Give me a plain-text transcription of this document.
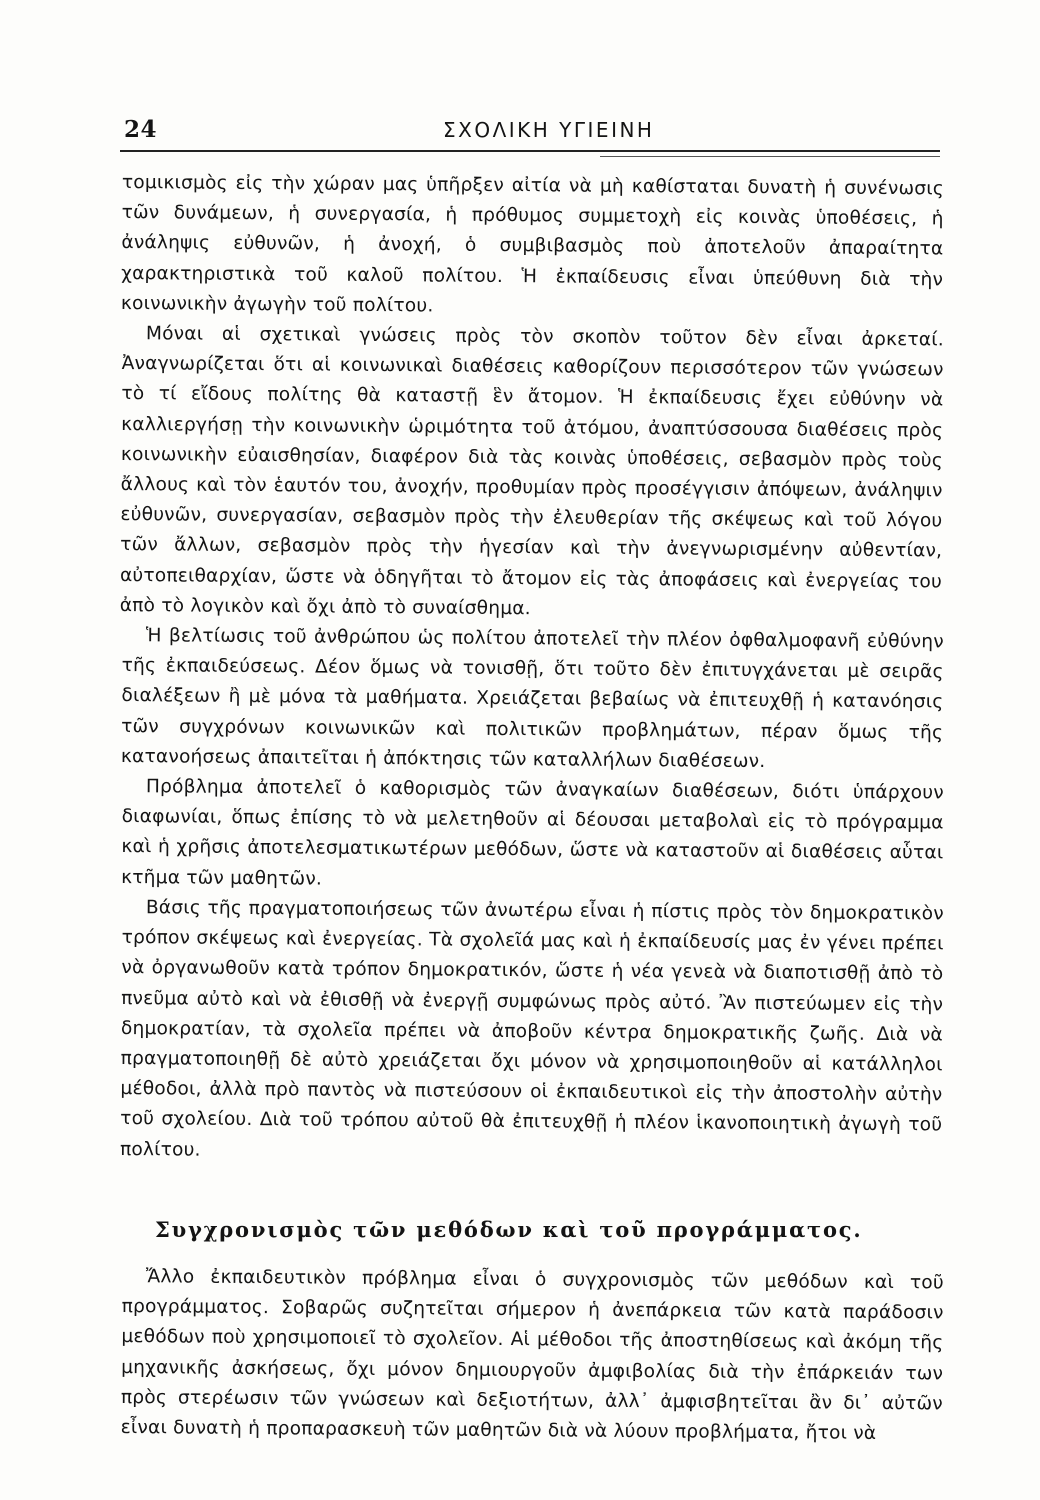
24	ΣΧΟΛΙΚΗ ΥΓΙΕΙΝΗ

τομικισμὸς εἰς τὴν χώραν μας ὑπῆρξεν αἰτία νὰ μὴ καθίσταται δυνατὴ ἡ συνένωσις τῶν δυνάμεων, ἡ συνεργασία, ἡ πρόθυμος συμμετοχὴ εἰς κοινὰς ὑποθέσεις, ἡ ἀνάληψις εὐθυνῶν, ἡ ἀνοχή, ὁ συμβιβασμὸς ποὺ ἀποτελοῦν ἀπαραίτητα χαρακτηριστικὰ τοῦ καλοῦ πολίτου. Ἡ ἐκπαίδευσις εἶναι ὑπεύθυνη διὰ τὴν κοινωνικὴν ἀγωγὴν τοῦ πολίτου.

Μόναι αἱ σχετικαὶ γνώσεις πρὸς τὸν σκοπὸν τοῦτον δὲν εἶναι ἀρκεταί. Ἀναγνωρίζεται ὅτι αἱ κοινωνικαὶ διαθέσεις καθορίζουν περισσότερον τῶν γνώσεων τὸ τί εἴδους πολίτης θὰ καταστῇ ἓν ἄτομον. Ἡ ἐκπαίδευσις ἔχει εὐθύνην νὰ καλλιεργήσῃ τὴν κοινωνικὴν ὡριμότητα τοῦ ἀτόμου, ἀναπτύσσουσα διαθέσεις πρὸς κοινωνικὴν εὐαισθησίαν, διαφέρον διὰ τὰς κοινὰς ὑποθέσεις, σεβασμὸν πρὸς τοὺς ἄλλους καὶ τὸν ἑαυτόν του, ἀνοχήν, προθυμίαν πρὸς προσέγγισιν ἀπόψεων, ἀνάληψιν εὐθυνῶν, συνεργασίαν, σεβασμὸν πρὸς τὴν ἐλευθερίαν τῆς σκέψεως καὶ τοῦ λόγου τῶν ἄλλων, σεβασμὸν πρὸς τὴν ἡγεσίαν καὶ τὴν ἀνεγνωρισμένην αὐθεντίαν, αὐτοπειθαρχίαν, ὥστε νὰ ὁδηγῆται τὸ ἄτομον εἰς τὰς ἀποφάσεις καὶ ἐνεργείας του ἀπὸ τὸ λογικὸν καὶ ὄχι ἀπὸ τὸ συναίσθημα.

Ἡ βελτίωσις τοῦ ἀνθρώπου ὡς πολίτου ἀποτελεῖ τὴν πλέον ὀφθαλμοφανῆ εὐθύνην τῆς ἐκπαιδεύσεως. Δέον ὅμως νὰ τονισθῇ, ὅτι τοῦτο δὲν ἐπιτυγχάνεται μὲ σειρᾶς διαλέξεων ἢ μὲ μόνα τὰ μαθήματα. Χρειάζεται βεβαίως νὰ ἐπιτευχθῇ ἡ κατανόησις τῶν συγχρόνων κοινωνικῶν καὶ πολιτικῶν προβλημάτων, πέραν ὅμως τῆς κατανοήσεως ἀπαιτεῖται ἡ ἀπόκτησις τῶν καταλλήλων διαθέσεων.

Πρόβλημα ἀποτελεῖ ὁ καθορισμὸς τῶν ἀναγκαίων διαθέσεων, διότι ὑπάρχουν διαφωνίαι, ὅπως ἐπίσης τὸ νὰ μελετηθοῦν αἱ δέουσαι μεταβολαὶ εἰς τὸ πρόγραμμα καὶ ἡ χρῆσις ἀποτελεσματικωτέρων μεθόδων, ὥστε νὰ καταστοῦν αἱ διαθέσεις αὗται κτῆμα τῶν μαθητῶν.

Βάσις τῆς πραγματοποιήσεως τῶν ἀνωτέρω εἶναι ἡ πίστις πρὸς τὸν δημοκρατικὸν τρόπον σκέψεως καὶ ἐνεργείας. Τὰ σχολεῖά μας καὶ ἡ ἐκπαίδευσίς μας ἐν γένει πρέπει νὰ ὀργανωθοῦν κατὰ τρόπον δημοκρατικόν, ὥστε ἡ νέα γενεὰ νὰ διαποτισθῇ ἀπὸ τὸ πνεῦμα αὐτὸ καὶ νὰ ἐθισθῇ νὰ ἐνεργῇ συμφώνως πρὸς αὐτό. Ἂν πιστεύωμεν εἰς τὴν δημοκρατίαν, τὰ σχολεῖα πρέπει νὰ ἀποβοῦν κέντρα δημοκρατικῆς ζωῆς. Διὰ νὰ πραγματοποιηθῇ δὲ αὐτὸ χρειάζεται ὄχι μόνον νὰ χρησιμοποιηθοῦν αἱ κατάλληλοι μέθοδοι, ἀλλὰ πρὸ παντὸς νὰ πιστεύσουν οἱ ἐκπαιδευτικοὶ εἰς τὴν ἀποστολὴν αὐτὴν τοῦ σχολείου. Διὰ τοῦ τρόπου αὐτοῦ θὰ ἐπιτευχθῇ ἡ πλέον ἱκανοποιητικὴ ἀγωγὴ τοῦ πολίτου.

Συγχρονισμὸς τῶν μεθόδων καὶ τοῦ προγράμματος.

Ἄλλο ἐκπαιδευτικὸν πρόβλημα εἶναι ὁ συγχρονισμὸς τῶν μεθόδων καὶ τοῦ προγράμματος. Σοβαρῶς συζητεῖται σήμερον ἡ ἀνεπάρκεια τῶν κατὰ παράδοσιν μεθόδων ποὺ χρησιμοποιεῖ τὸ σχολεῖον. Αἱ μέθοδοι τῆς ἀποστηθίσεως καὶ ἀκόμη τῆς μηχανικῆς ἀσκήσεως, ὄχι μόνον δημιουργοῦν ἀμφιβολίας διὰ τὴν ἐπάρκειάν των πρὸς στερέωσιν τῶν γνώσεων καὶ δεξιοτήτων, ἀλλ᾽ ἀμφισβητεῖται ἂν δι᾽ αὐτῶν εἶναι δυνατὴ ἡ προπαρασκευὴ τῶν μαθητῶν διὰ νὰ λύουν προβλήματα, ἤτοι νὰ
